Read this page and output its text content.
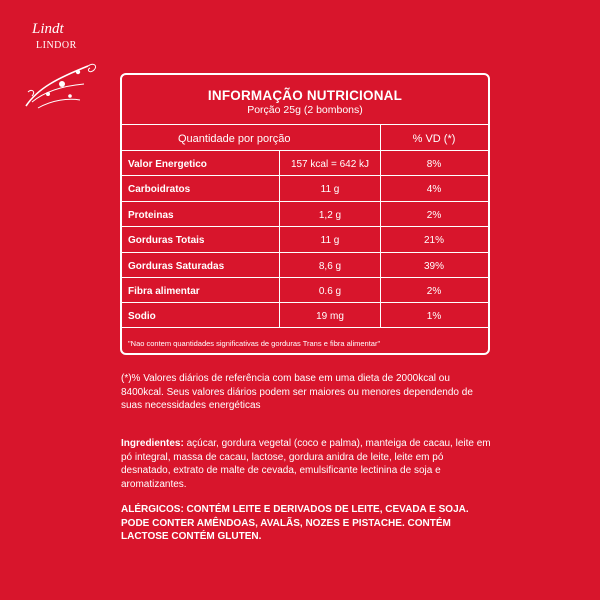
Lindt
LINDOR
INFORMAÇÃO NUTRICIONAL
Porção 25g (2 bombons)
Quantidade por porção	% VD (*)
Valor Energetico	157 kcal = 642 kJ	8%
Carboidratos	11 g	4%
Proteinas	1,2 g	2%
Gorduras Totais	11 g	21%
Gorduras Saturadas	8,6 g	39%
Fibra alimentar	0.6 g	2%
Sodio	19 mg	1%
"Nao contem quantidades significativas de gorduras Trans e fibra alimentar"
(*)% Valores diários de referência com base em uma dieta de 2000kcal ou 8400kcal. Seus valores diários podem ser maiores ou menores dependendo de suas necessidades energéticas
Ingredientes: açúcar, gordura vegetal (coco e palma), manteiga de cacau, leite em pó integral, massa de cacau, lactose, gordura anidra de leite, leite em pó desnatado, extrato de malte de cevada, emulsificante lectinina de soja e aromatizantes.
ALÉRGICOS: CONTÉM LEITE E DERIVADOS DE LEITE, CEVADA E SOJA. PODE CONTER AMÊNDOAS, AVALÃS, NOZES E PISTACHE. CONTÉM LACTOSE CONTÉM GLUTEN.
